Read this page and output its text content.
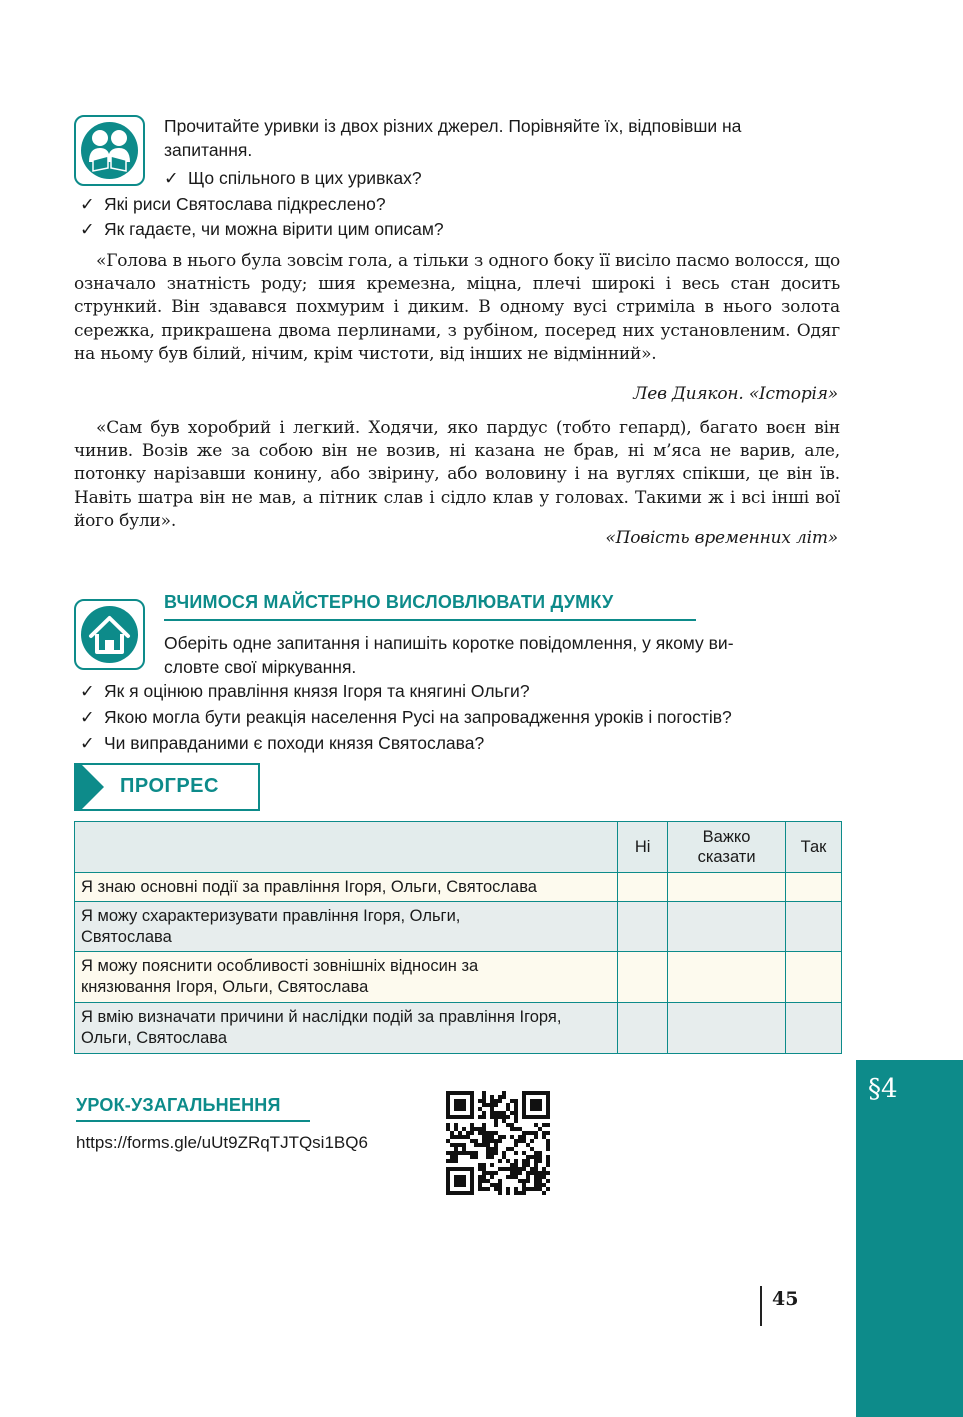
Прочитайте уривки із двох різних джерел. Порівняйте їх, відповівши на
запитання.
✓ Що спільного в цих уривках?
✓ Які риси Святослава підкреслено?
✓ Як гадаєте, чи можна вірити цим описам?
«Голова в нього була зовсім гола, а тільки з одного боку її висіло пасмо волосся, що означало знатність роду; шия кремезна, міцна, плечі широкі і весь стан досить стрункий. Він здавався похмурим і диким. В одному вусі стриміла в нього золота сережка, прикрашена двома перлинами, з рубіном, посеред них установленим. Одяг на ньому був білий, нічим, крім чистоти, від інших не відмінний».
Лев Диякон. «Історія»
«Сам був хоробрий і легкий. Ходячи, яко пардус (тобто гепард), багато воєн він чинив. Возів же за собою він не возив, ні казана не брав, ні м’яса не варив, але, потонку нарізавши конину, або звірину, або воловину і на вуглях спікши, це він їв. Навіть шатра він не мав, а пітник слав і сідло клав у головах. Такими ж і всі інші вої його були».
«Повість временних літ»
ВЧИМОСЯ МАЙСТЕРНО ВИСЛОВЛЮВАТИ ДУМКУ
Оберіть одне запитання і напишіть коротке повідомлення, у якому ви-
словте свої міркування.
✓ Як я оцінюю правління князя Ігоря та княгині Ольги?
✓ Якою могла бути реакція населення Русі на запровадження уроків і погостів?
✓ Чи виправданими є походи князя Святослава?
ПРОГРЕС
	Ні	Важко сказати	Так
Я знаю основні події за правління Ігоря, Ольги, Святослава			
Я можу схарактеризувати правління Ігоря, Ольги, Святослава			
Я можу пояснити особливості зовнішніх відносин за князювання Ігоря, Ольги, Святослава			
Я вмію визначати причини й наслідки подій за правління Ігоря, Ольги, Святослава			
УРОК-УЗАГАЛЬНЕННЯ
https://forms.gle/uUt9ZRqTJTQsi1BQ6
§4
45
